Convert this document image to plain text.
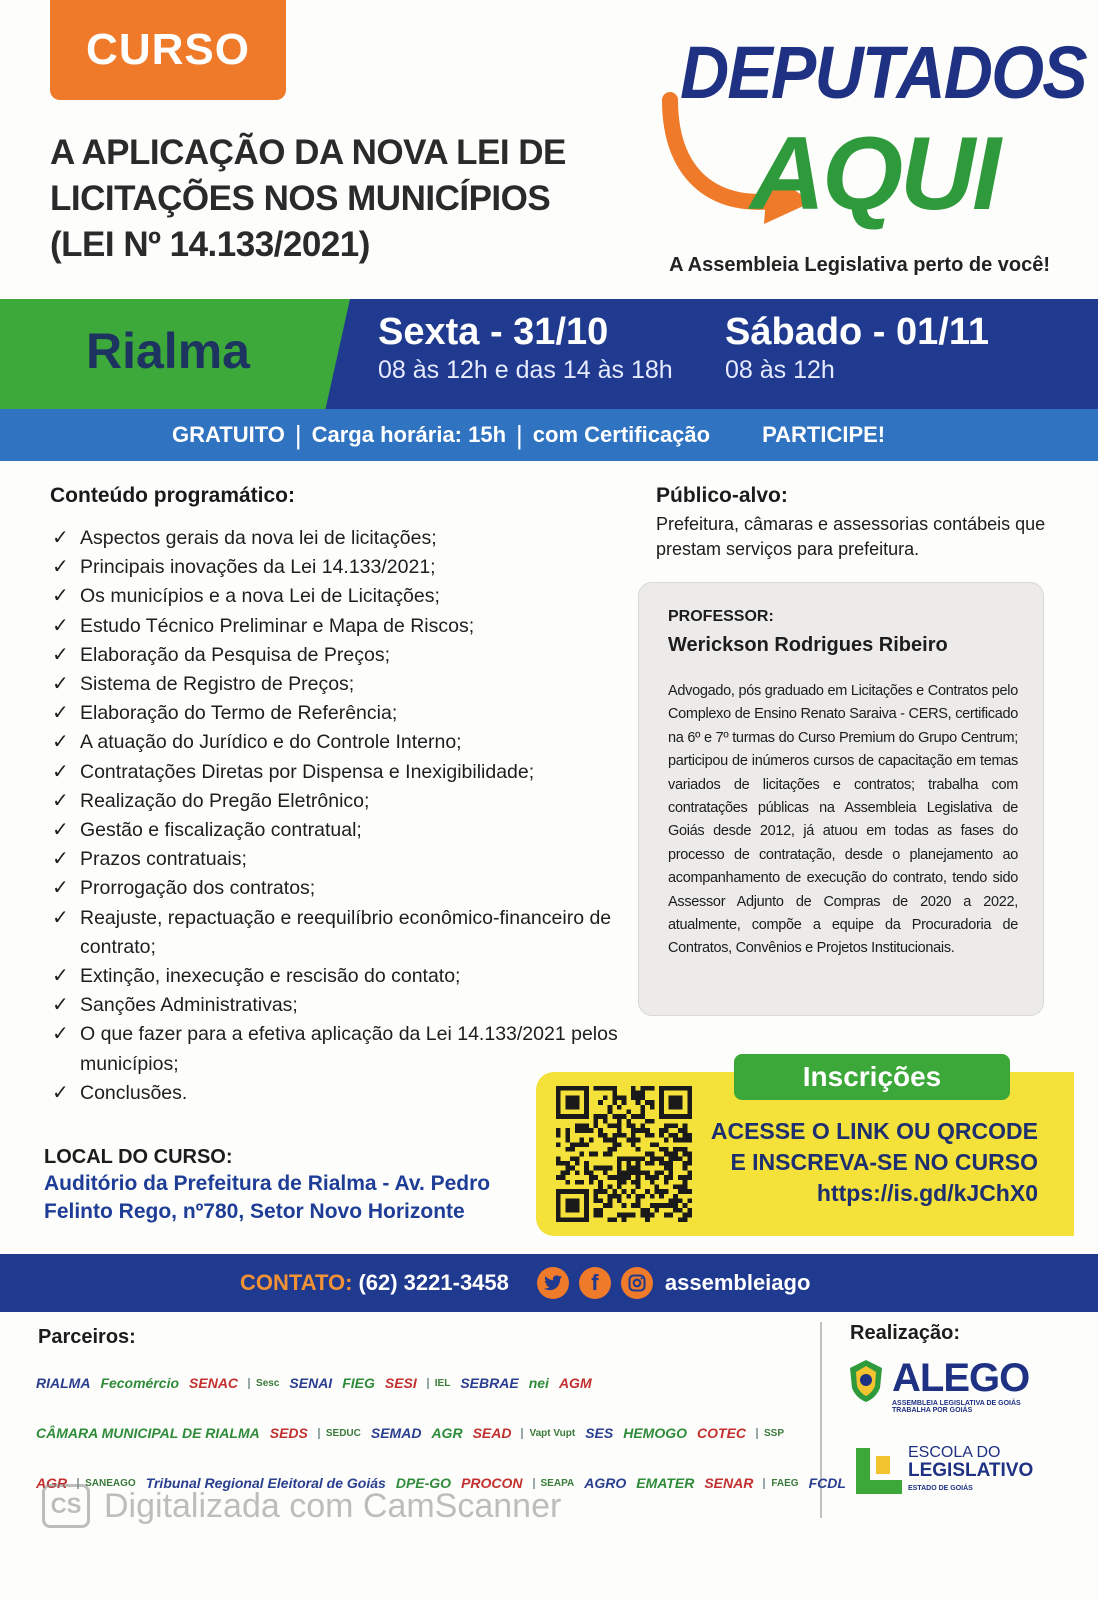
CURSO
A APLICAÇÃO DA NOVA LEI DE
LICITAÇÕES NOS MUNICÍPIOS
(LEI Nº 14.133/2021)
DEPUTADOS
AQUI
A Assembleia Legislativa perto de você!
Rialma	Sexta - 31/10
08 às 12h e das 14 às 18h
Sábado - 01/11
08 às 12h
GRATUITO | Carga horária: 15h | com Certificação PARTICIPE!
Conteúdo programático:
✓ Aspectos gerais da nova lei de licitações;
✓ Principais inovações da Lei 14.133/2021;
✓ Os municípios e a nova Lei de Licitações;
✓ Estudo Técnico Preliminar e Mapa de Riscos;
✓ Elaboração da Pesquisa de Preços;
✓ Sistema de Registro de Preços;
✓ Elaboração do Termo de Referência;
✓ A atuação do Jurídico e do Controle Interno;
✓ Contratações Diretas por Dispensa e Inexigibilidade;
✓ Realização do Pregão Eletrônico;
✓ Gestão e fiscalização contratual;
✓ Prazos contratuais;
✓ Prorrogação dos contratos;
✓ Reajuste, repactuação e reequilíbrio econômico-financeiro de contrato;
✓ Extinção, inexecução e rescisão do contato;
✓ Sanções Administrativas;
✓ O que fazer para a efetiva aplicação da Lei 14.133/2021 pelos municípios;
✓ Conclusões.
Público-alvo:
Prefeitura, câmaras e assessorias contábeis que prestam serviços para prefeitura.
PROFESSOR:
Werickson Rodrigues Ribeiro
Advogado, pós graduado em Licitações e Contratos pelo Complexo de Ensino Renato Saraiva - CERS, certificado na 6º e 7º turmas do Curso Premium do Grupo Centrum; participou de inúmeros cursos de capacitação em temas variados de licitações e contratos; trabalha com contratações públicas na Assembleia Legislativa de Goiás desde 2012, já atuou em todas as fases do processo de contratação, desde o planejamento ao acompanhamento de execução do contrato, tendo sido Assessor Adjunto de Compras de 2020 a 2022, atualmente, compõe a equipe da Procuradoria de Contratos, Convênios e Projetos Institucionais.
LOCAL DO CURSO:
Auditório da Prefeitura de Rialma - Av. Pedro Felinto Rego, nº780, Setor Novo Horizonte
Inscrições
ACESSE O LINK OU QRCODE
E INSCREVA-SE NO CURSO
https://is.gd/kJChX0
CONTATO: (62) 3221-3458	f	assembleiago
Parceiros:	Realização:
RIALMA Fecomércio SENAC	Sesc SENAI FIEG SESI	IEL SEBRAE nei AGM
CÂMARA MUNICIPAL DE RIALMA SEDS	SEDUC SEMAD AGR SEAD	Vapt Vupt SES HEMOGO COTEC	SSP
AGR	SANEAGO Tribunal Regional Eleitoral de Goiás DPE-GO PROCON	SEAPA AGRO EMATER SENAR	FAEG FCDL
ALEGO
ASSEMBLEIA LEGISLATIVA DE GOIÁS TRABALHA POR GOIÁS
ESCOLA DO
LEGISLATIVO
ESTADO DE GOIÁS
CS Digitalizada com CamScanner
